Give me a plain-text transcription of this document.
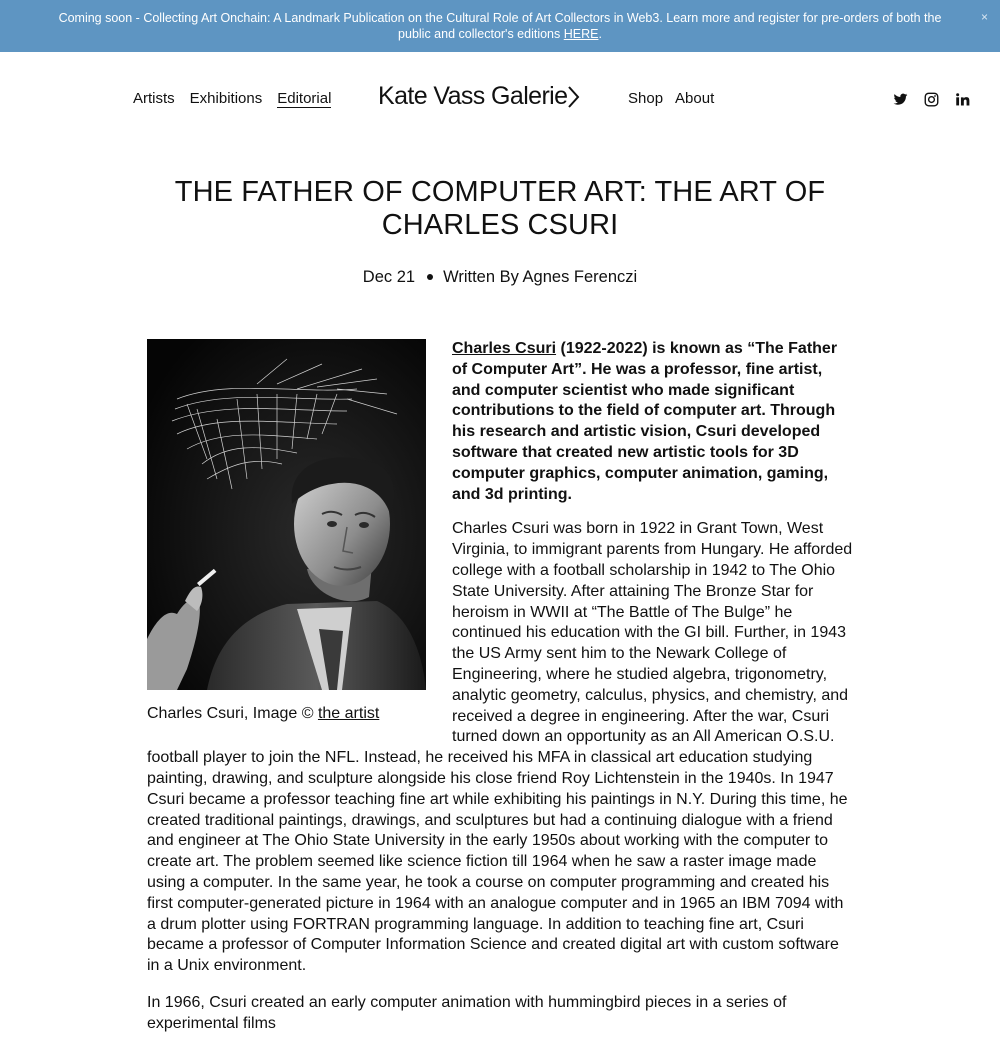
Coming soon - Collecting Art Onchain: A Landmark Publication on the Cultural Role of Art Collectors in Web3. Learn more and register for pre-orders of both the public and collector's editions HERE.
×
Artists Exhibitions Editorial Kate Vass Galerie	Shop About
THE FATHER OF COMPUTER ART: THE ART OF CHARLES CSURI
Dec 21 Written By Agnes Ferenczi
Charles Csuri, Image © the artist

Charles Csuri (1922-2022) is known as “The Father of Computer Art”. He was a professor, fine artist, and computer scientist who made significant contributions to the field of computer art. Through his research and artistic vision, Csuri developed software that created new artistic tools for 3D computer graphics, computer animation, gaming, and 3d printing.

Charles Csuri was born in 1922 in Grant Town, West Virginia, to immigrant parents from Hungary. He afforded college with a football scholarship in 1942 to The Ohio State University. After attaining The Bronze Star for heroism in WWII at “The Battle of The Bulge” he continued his education with the GI bill. Further, in 1943 the US Army sent him to the Newark College of Engineering, where he studied algebra, trigonometry, analytic geometry, calculus, physics, and chemistry, and received a degree in engineering. After the war, Csuri turned down an opportunity as an All American O.S.U. football player to join the NFL. Instead, he received his MFA in classical art education studying painting, drawing, and sculpture alongside his close friend Roy Lichtenstein in the 1940s. In 1947 Csuri became a professor teaching fine art while exhibiting his paintings in N.Y. During this time, he created traditional paintings, drawings, and sculptures but had a continuing dialogue with a friend and engineer at The Ohio State University in the early 1950s about working with the computer to create art. The problem seemed like science fiction till 1964 when he saw a raster image made using a computer. In the same year, he took a course on computer programming and created his first computer-generated picture in 1964 with an analogue computer and in 1965 an IBM 7094 with a drum plotter using FORTRAN programming language. In addition to teaching fine art, Csuri became a professor of Computer Information Science and created digital art with custom software in a Unix environment.

In 1966, Csuri created an early computer animation with hummingbird pieces in a series of experimental films
